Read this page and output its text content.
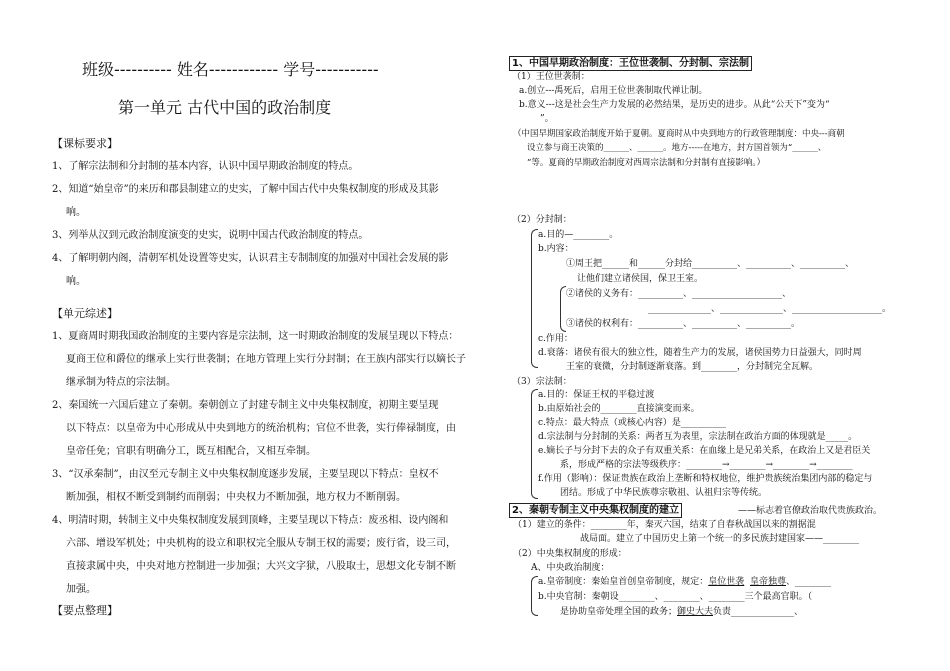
班级---------- 姓名------------ 学号-----------
第一单元 古代中国的政治制度
【课标要求】
1、了解宗法制和分封制的基本内容，认识中国早期政治制度的特点。
2、知道“始皇帝”的来历和郡县制建立的史实，了解中国古代中央集权制度的形成及其影
响。
3、列举从汉到元政治制度演变的史实，说明中国古代政治制度的特点。
4、了解明朝内阁，清朝军机处设置等史实，认识君主专制制度的加强对中国社会发展的影
响。
【单元综述】
1、夏商周时期我国政治制度的主要内容是宗法制，这一时期政治制度的发展呈现以下特点：
夏商王位和爵位的继承上实行世袭制；在地方管理上实行分封制；在王族内部实行以嫡长子
继承制为特点的宗法制。
2、秦国统一六国后建立了秦朝。秦朝创立了封建专制主义中央集权制度，初期主要呈现
以下特点：以皇帝为中心形成从中央到地方的统治机构；官位不世袭，实行俸禄制度，由
皇帝任免；官职有明确分工，既互相配合，又相互牵制。
3、“汉承秦制”，由汉至元专制主义中央集权制度逐步发展，主要呈现以下特点：皇权不
断加强，相权不断受到制约而削弱；中央权力不断加强，地方权力不断削弱。
4、明清时期，转制主义中央集权制度发展到顶峰，主要呈现以下特点：废丞相、设内阁和
六部、增设军机处；中央机构的设立和职权完全服从专制王权的需要；废行省，设三司，
直接隶属中央，中央对地方控制进一步加强；大兴文字狱，八股取士，思想文化专制不断
加强。
【要点整理】
1、中国早期政治制度：王位世袭制、分封制、宗法制
（1）王位世袭制：
a.创立---禹死后，启用王位世袭制取代禅让制。
b.意义---这是社会生产力发展的必然结果，是历史的进步。从此“公天下”变为“
”。
（中国早期国家政治制度开始于夏朝。夏商时从中央到地方的行政管理制度：中央---商朝
设立参与商王决策的______、______。地方-----在地方，封方国首领为“______、
”等。夏商的早期政治制度对西周宗法制和分封制有直接影响。）
（2）分封制：
a.目的—________。
b.内容：
①周王把______和______分封给__________、__________、__________、
让他们建立诸侯国，保卫王室。
②诸侯的义务有：__________、____________________、
______________、______________、____________________。
③诸侯的权利有：__________、__________、__________。
c.作用：
d.衰落：诸侯有很大的独立性，随着生产力的发展，诸侯国势力日益强大，同时周
王室的衰微，分封制逐渐衰落。到________，分封制完全瓦解。
（3）宗法制：
a.目的：保证王权的平稳过渡
b.由原始社会的________直接演变而来。
c.特点：最大特点（或核心内容）是__________
d.宗法制与分封制的关系：两者互为表里，宗法制在政治方面的体现就是_____。
e.嫡长子与分封下去的众子有双重关系：在血缘上是兄弟关系，在政治上又是君臣关
系，形成严格的宗法等级秩序：________→________→________→________
f.作用（影响）：保证贵族在政治上垄断和特权地位，维护贵族统治集团内部的稳定与
团结。形成了中华民族尊宗敬祖、认祖归宗等传统。
2、秦朝专制主义中央集权制度的建立	——标志着官僚政治取代贵族政治。
（1）建立的条件：________年，秦灭六国，结束了自春秋战国以来的割据混
战局面。建立了中国历史上第一个统一的多民族封建国家——________
（2）中央集权制度的形成：
A、中央政治制度：
a.皇帝制度：秦始皇首创皇帝制度，规定：皇位世袭 皇帝独尊、________
b.中央官制：秦朝设________、________、________三个最高官职。（
是协助皇帝处理全国的政务；御史大夫负责______________、
